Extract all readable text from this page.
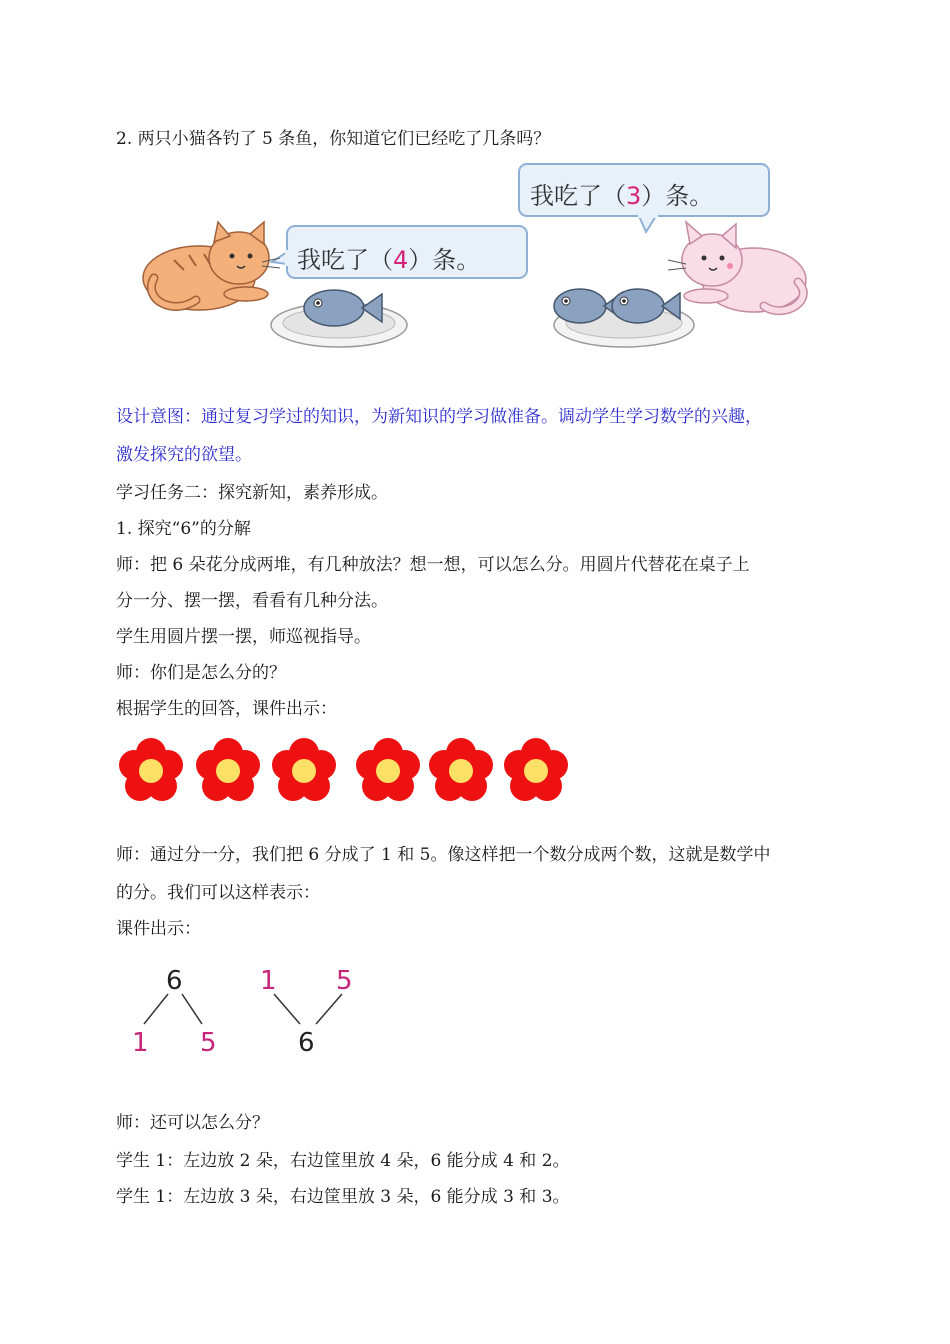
2. 两只小猫各钓了 5 条鱼，你知道它们已经吃了几条吗？
我吃了（3）条。
我吃了（4）条。
设计意图：通过复习学过的知识，为新知识的学习做准备。调动学生学习数学的兴趣，
激发探究的欲望。
学习任务二：探究新知，素养形成。
1. 探究“6”的分解
师：把 6 朵花分成两堆，有几种放法？想一想，可以怎么分。用圆片代替花在桌子上
分一分、摆一摆，看看有几种分法。
学生用圆片摆一摆，师巡视指导。
师：你们是怎么分的？
根据学生的回答，课件出示：
师：通过分一分，我们把 6 分成了 1 和 5。像这样把一个数分成两个数，这就是数学中
的分。我们可以这样表示：
课件出示：
6
1 5
1 5
6
师：还可以怎么分？
学生 1：左边放 2 朵，右边筐里放 4 朵，6 能分成 4 和 2。
学生 1：左边放 3 朵，右边筐里放 3 朵，6 能分成 3 和 3。
